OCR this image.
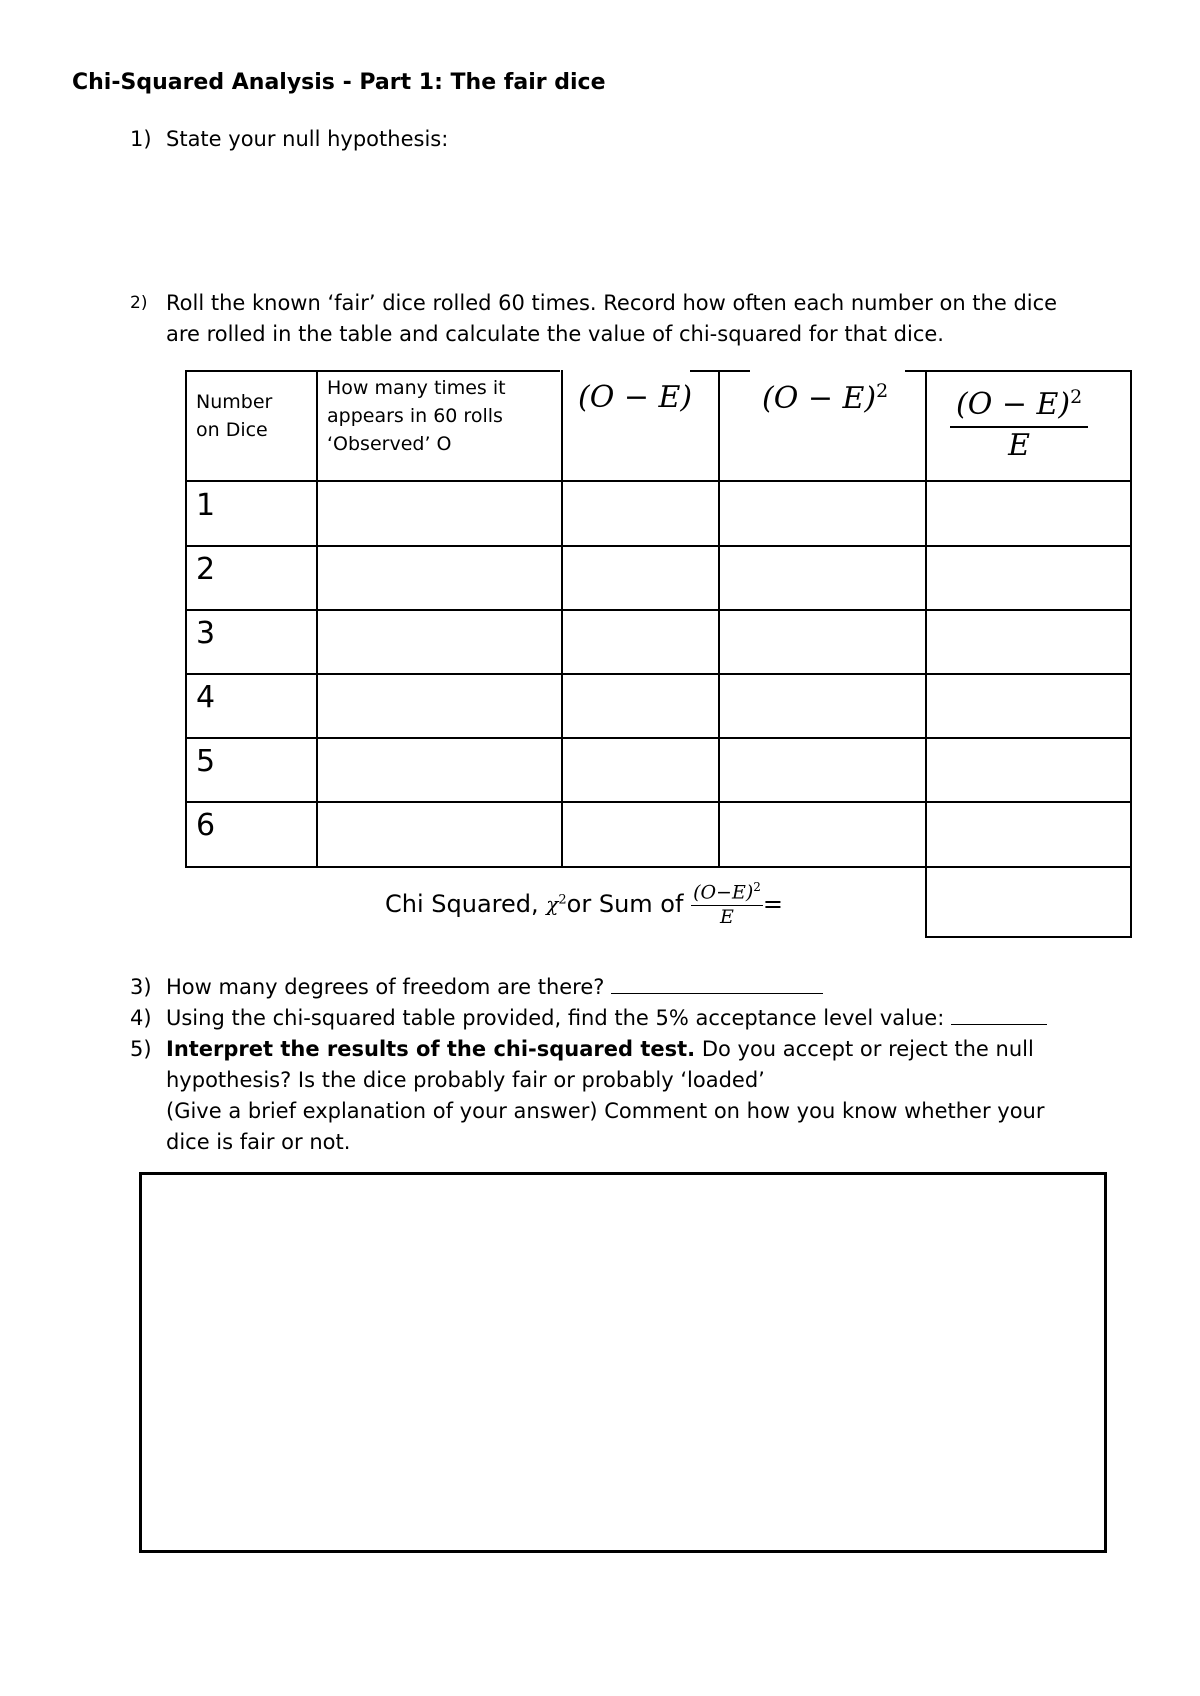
Chi-Squared Analysis - Part 1: The fair dice
1) State your null hypothesis:
2) Roll the known ‘fair’ dice rolled 60 times. Record how often each number on the dice
are rolled in the table and calculate the value of chi-squared for that dice.
Number
on Dice
How many times it
appears in 60 rolls
‘Observed’ O
(O − E) $(O - E)^2 \frac{(O - E)^2}{E}$
1
2
3
4
5
6
Chi Squared, $\chi^2$ or Sum of $\frac{(O-E)^2}{E}$ =
3) How many degrees of freedom are there?
4) Using the chi-squared table provided, find the 5% acceptance level value:
5) Interpret the results of the chi-squared test. Do you accept or reject the null
hypothesis? Is the dice probably fair or probably ‘loaded’
(Give a brief explanation of your answer) Comment on how you know whether your
dice is fair or not.
